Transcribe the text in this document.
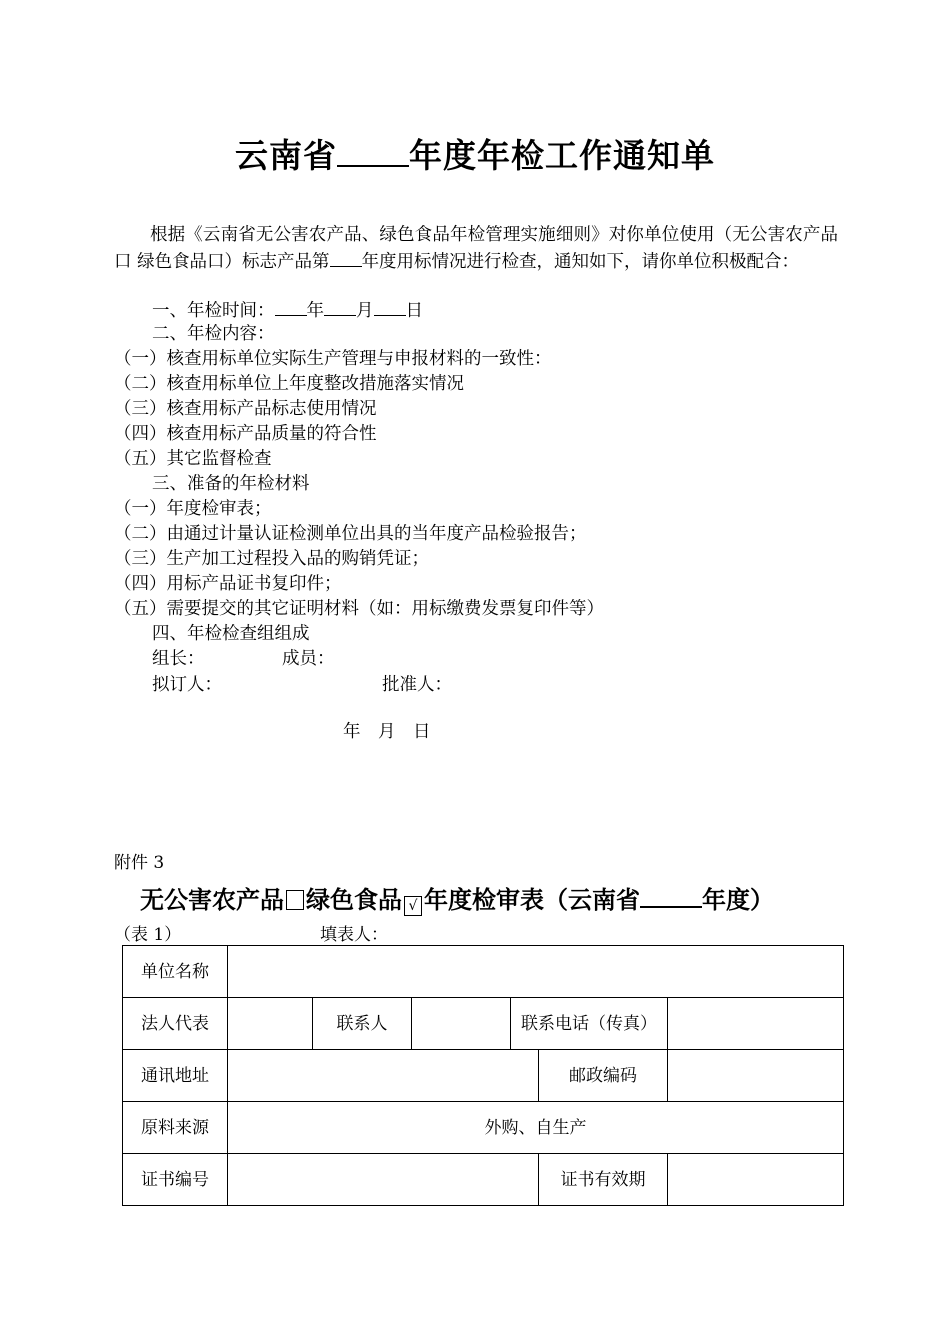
云南省 年度年检工作通知单
根据《云南省无公害农产品、绿色食品年检管理实施细则》对你单位使用（无公害农产品口 绿色食品口）标志产品第 年度用标情况进行检查，通知如下，请你单位积极配合：
一、年检时间： 年 月 日
二、年检内容：
（一）核查用标单位实际生产管理与申报材料的一致性：
（二）核查用标单位上年度整改措施落实情况
（三）核查用标产品标志使用情况
（四）核查用标产品质量的符合性
（五）其它监督检查
三、准备的年检材料
（一）年度检审表；
（二）由通过计量认证检测单位出具的当年度产品检验报告；
（三）生产加工过程投入品的购销凭证；
（四）用标产品证书复印件；
（五）需要提交的其它证明材料（如：用标缴费发票复印件等）
四、年检检查组组成
组长：	成员：
拟订人：	批准人：
年　月　日
附件 3
无公害农产品 绿色食品 √ 年度检审表（云南省	年度）
（表 1）	填表人：
单位名称						
法人代表		联系人		联系电话（传真）		
通讯地址					邮政编码	
原料来源	外购、自生产					
证书编号					证书有效期	
